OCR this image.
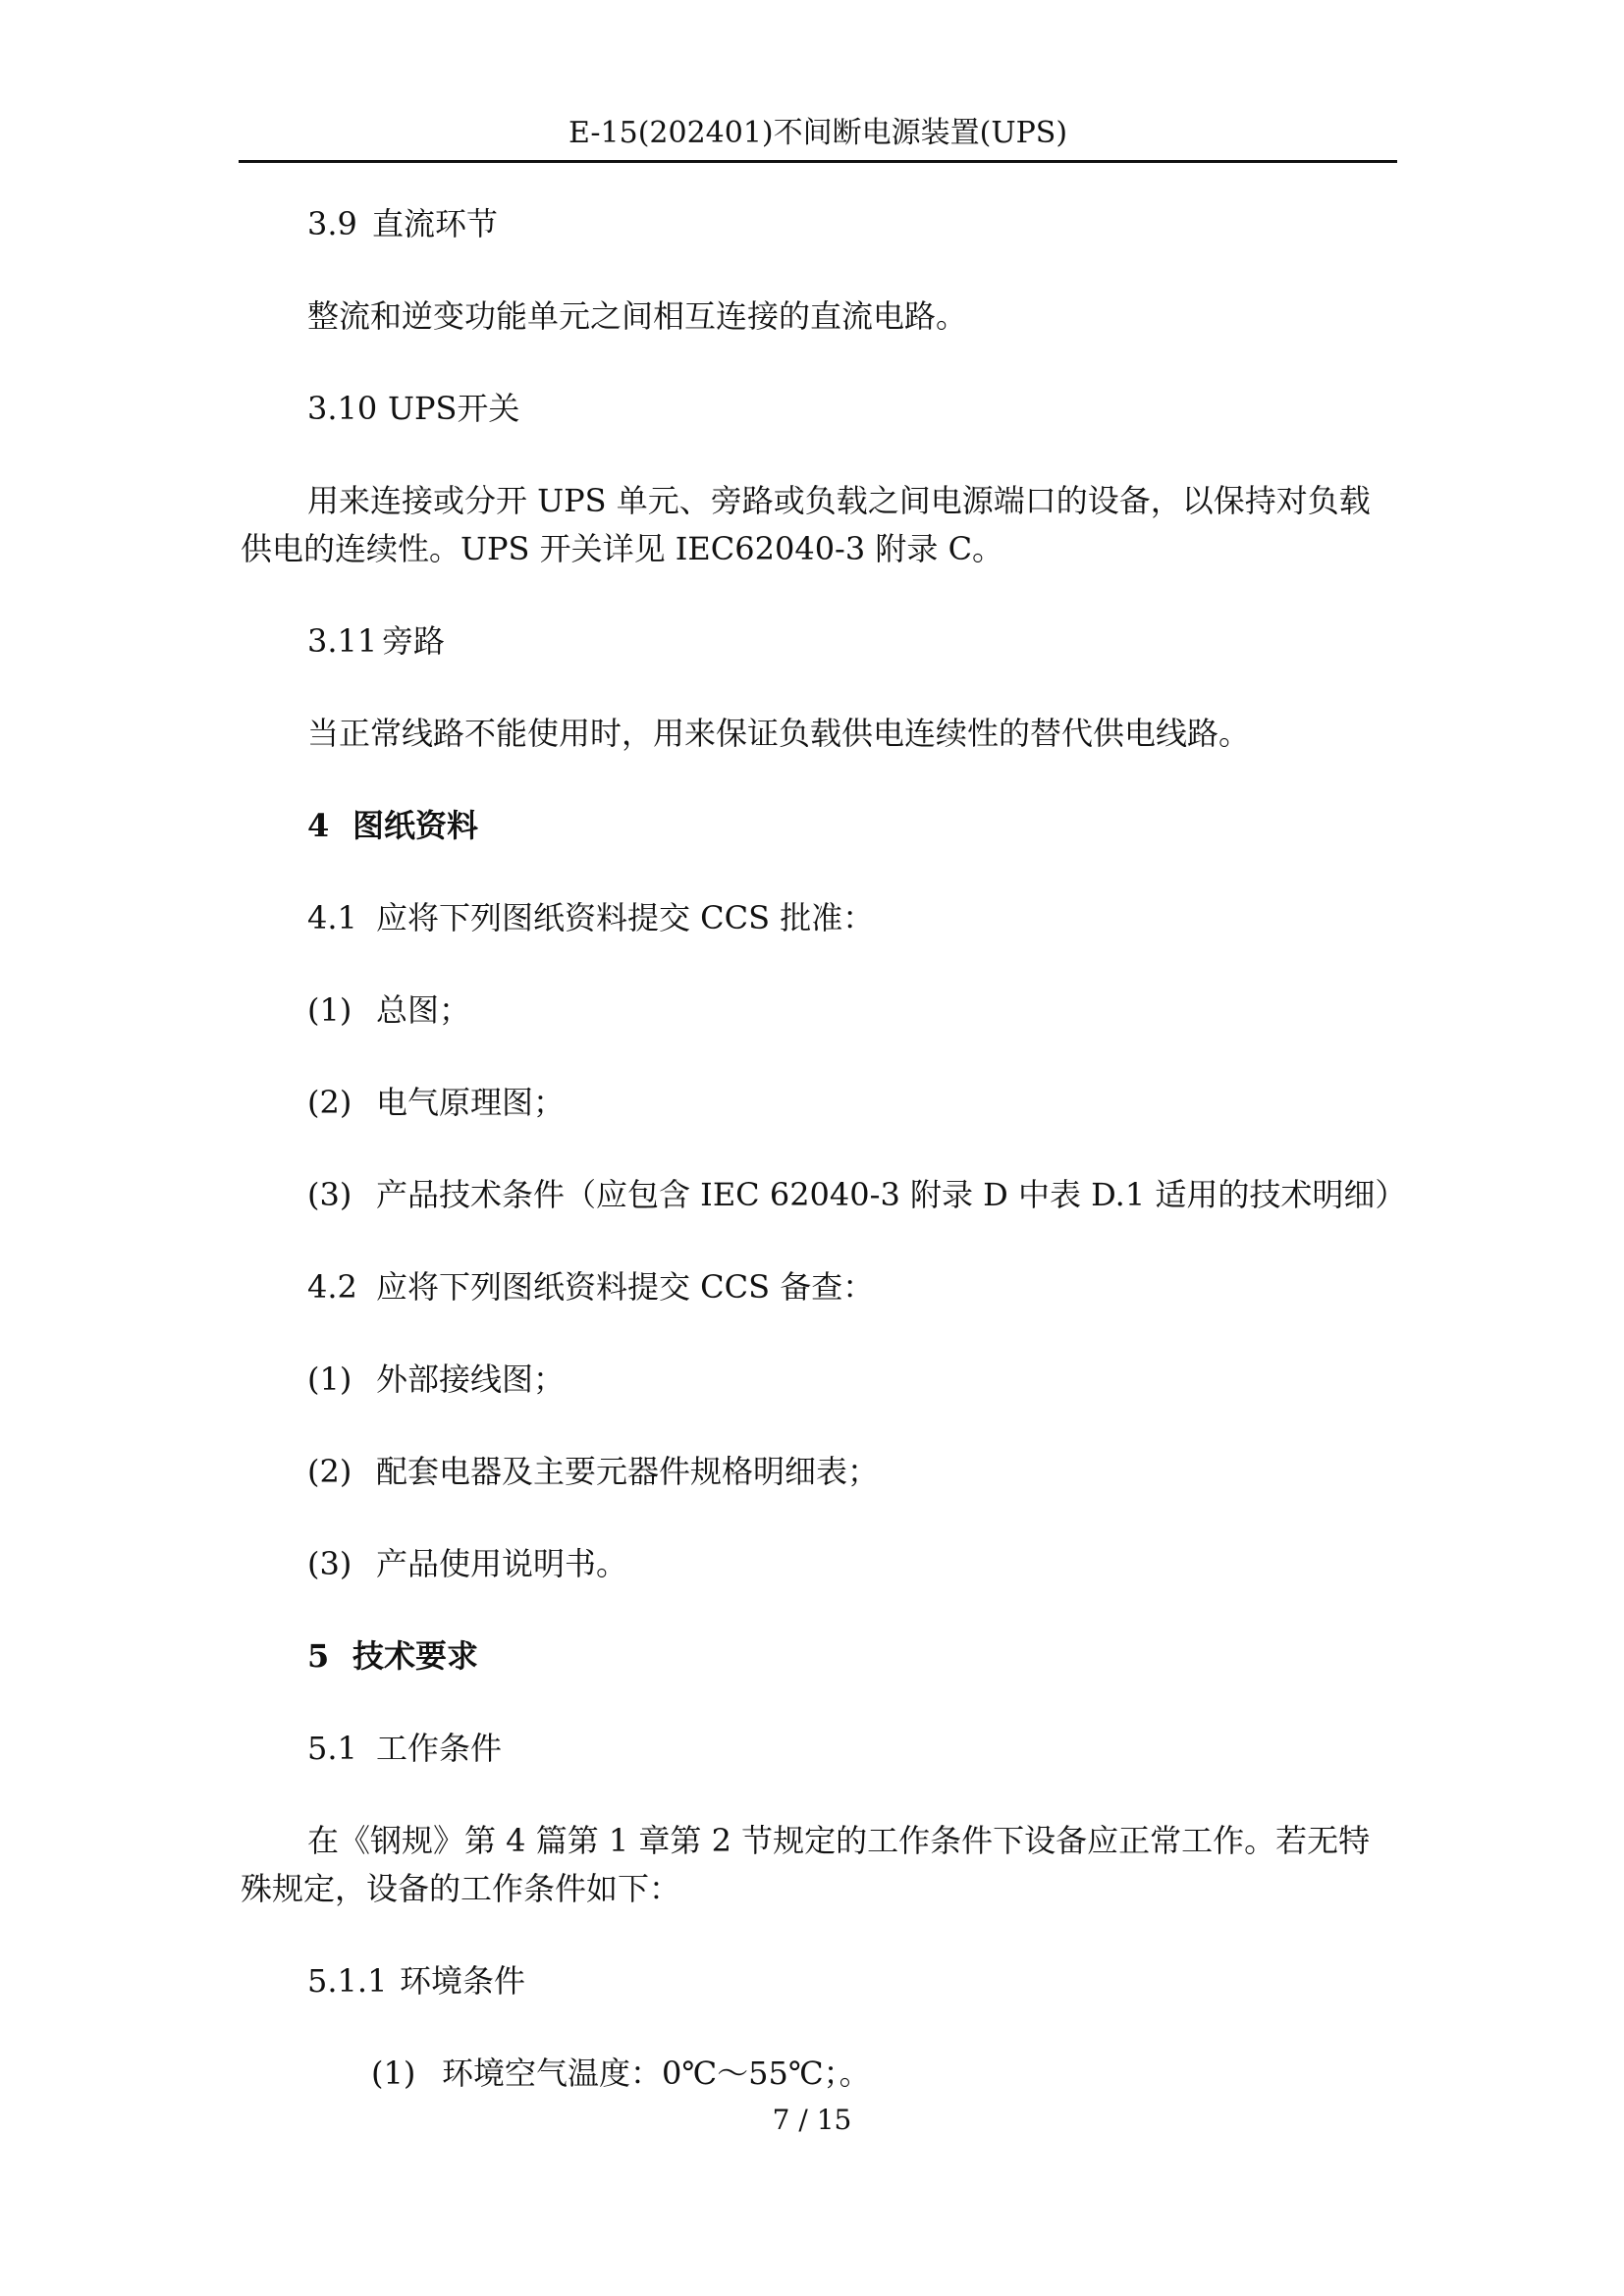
E-15(202401)不间断电源装置(UPS)
3.9 直流环节
整流和逆变功能单元之间相互连接的直流电路。
3.10 UPS开关
用来连接或分开 UPS 单元、旁路或负载之间电源端口的设备，以保持对负载
供电的连续性。UPS 开关详见 IEC62040-3 附录 C。
3.11 旁路
当正常线路不能使用时，用来保证负载供电连续性的替代供电线路。
4 图纸资料
4.1 应将下列图纸资料提交 CCS 批准：
(1) 总图；
(2) 电气原理图；
(3) 产品技术条件（应包含 IEC 62040-3 附录 D 中表 D.1 适用的技术明细）
4.2 应将下列图纸资料提交 CCS 备查：
(1) 外部接线图；
(2) 配套电器及主要元器件规格明细表；
(3) 产品使用说明书。
5 技术要求
5.1 工作条件
在《钢规》第 4 篇第 1 章第 2 节规定的工作条件下设备应正常工作。若无特
殊规定，设备的工作条件如下：
5.1.1 环境条件
(1) 环境空气温度：0℃～55℃；。
7 / 15
